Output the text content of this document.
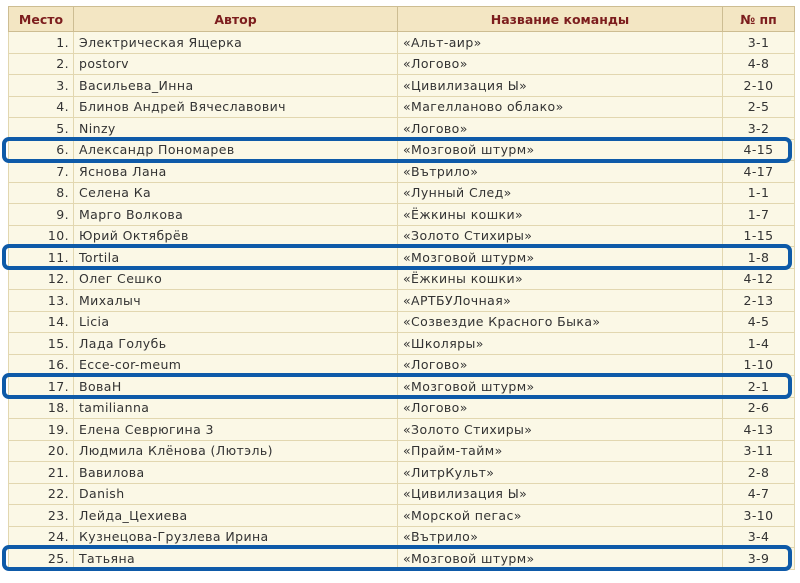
Место	Автор	Название команды	№ пп
1.	Электрическая Ящерка	«Альт-аир»	3-1
2.	postorv	«Логово»	4-8
3.	Васильева_Инна	«Цивилизация Ы»	2-10
4.	Блинов Андрей Вячеславович	«Магелланово облако»	2-5
5.	Ninzy	«Логово»	3-2
6.	Александр Пономарев	«Мозговой штурм»	4-15
7.	Яснова Лана	«Вътрило»	4-17
8.	Селена Ка	«Лунный След»	1-1
9.	Марго Волкова	«Ёжкины кошки»	1-7
10.	Юрий Октябрёв	«Золото Стихиры»	1-15
11.	Tortila	«Мозговой штурм»	1-8
12.	Олег Сешко	«Ёжкины кошки»	4-12
13.	Михалыч	«АРТБУЛочная»	2-13
14.	Licia	«Созвездие Красного Быка»	4-5
15.	Лада Голубь	«Школяры»	1-4
16.	Ecce-cor-meum	«Логово»	1-10
17.	ВоваН	«Мозговой штурм»	2-1
18.	tamilianna	«Логово»	2-6
19.	Елена Севрюгина 3	«Золото Стихиры»	4-13
20.	Людмила Клёнова (Лютэль)	«Прайм-тайм»	3-11
21.	Вавилова	«ЛитрКульт»	2-8
22.	Danish	«Цивилизация Ы»	4-7
23.	Лейда_Цехиева	«Морской пегас»	3-10
24.	Кузнецова-Грузлева Ирина	«Вътрило»	3-4
25.	Татьяна	«Мозговой штурм»	3-9
